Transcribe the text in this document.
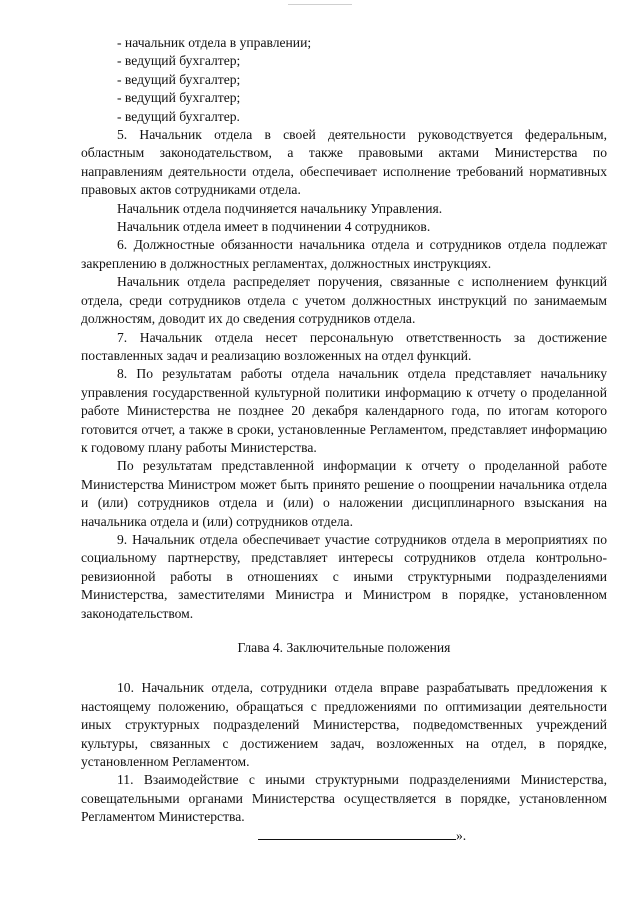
- начальник отдела в управлении;

- ведущий бухгалтер;

- ведущий бухгалтер;

- ведущий бухгалтер;

- ведущий бухгалтер.

5. Начальник отдела в своей деятельности руководствуется федеральным, областным законодательством, а также правовыми актами Министерства по направлениям деятельности отдела, обеспечивает исполнение требований нормативных правовых актов сотрудниками отдела.

Начальник отдела подчиняется начальнику Управления.

Начальник отдела имеет в подчинении 4 сотрудников.

6. Должностные обязанности начальника отдела и сотрудников отдела подлежат закреплению в должностных регламентах, должностных инструкциях.

Начальник отдела распределяет поручения, связанные с исполнением функций отдела, среди сотрудников отдела с учетом должностных инструкций по занимаемым должностям, доводит их до сведения сотрудников отдела.

7. Начальник отдела несет персональную ответственность за достижение поставленных задач и реализацию возложенных на отдел функций.

8. По результатам работы отдела начальник отдела представляет начальнику управления государственной культурной политики информацию к отчету о проделанной работе Министерства не позднее 20 декабря календарного года, по итогам которого готовится отчет, а также в сроки, установленные Регламентом, представляет информацию к годовому плану работы Министерства.

По результатам представленной информации к отчету о проделанной работе Министерства Министром может быть принято решение о поощрении начальника отдела и (или) сотрудников отдела и (или) о наложении дисциплинарного взыскания на начальника отдела и (или) сотрудников отдела.

9. Начальник отдела обеспечивает участие сотрудников отдела в мероприятиях по социальному партнерству, представляет интересы сотрудников отдела контрольно-ревизионной работы в отношениях с иными структурными подразделениями Министерства, заместителями Министра и Министром в порядке, установленном законодательством.

Глава 4. Заключительные положения

10. Начальник отдела, сотрудники отдела вправе разрабатывать предложения к настоящему положению, обращаться с предложениями по оптимизации деятельности иных структурных подразделений Министерства, подведомственных учреждений культуры, связанных с достижением задач, возложенных на отдел, в порядке, установленном Регламентом.

11. Взаимодействие с иными структурными подразделениями Министерства, совещательными органами Министерства осуществляется в порядке, установленном Регламентом Министерства.

».
